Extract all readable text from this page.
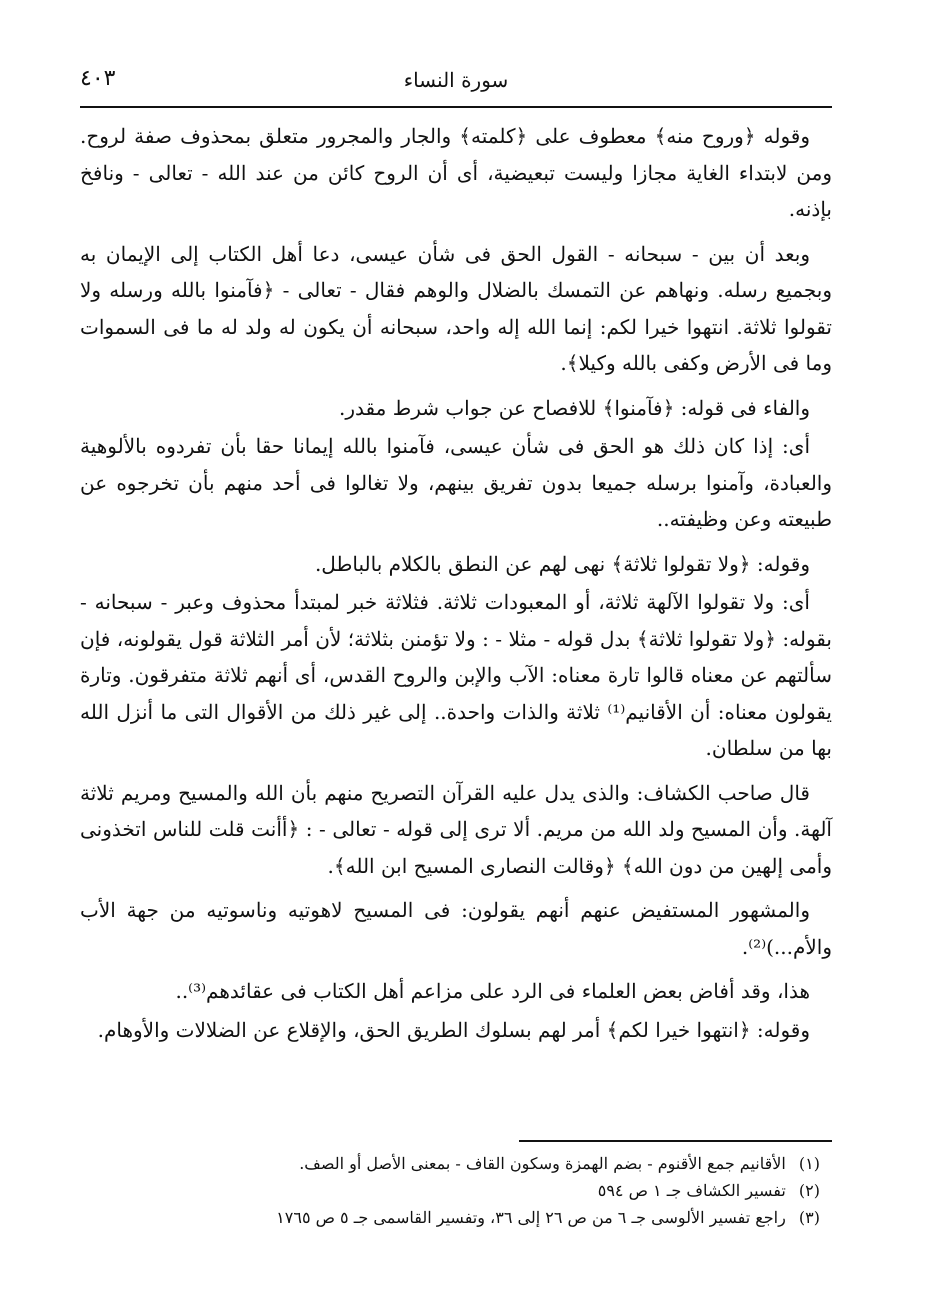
سورة النساء
٤٠٣

وقوله ﴿وروح منه﴾ معطوف على ﴿كلمته﴾ والجار والمجرور متعلق بمحذوف صفة لروح. ومن لابتداء الغاية مجازا وليست تبعيضية، أى أن الروح كائن من عند الله - تعالى - ونافخ بإذنه.

وبعد أن بين - سبحانه - القول الحق فى شأن عيسى، دعا أهل الكتاب إلى الإيمان به وبجميع رسله. ونهاهم عن التمسك بالضلال والوهم فقال - تعالى - ﴿فآمنوا بالله ورسله ولا تقولوا ثلاثة. انتهوا خيرا لكم: إنما الله إله واحد، سبحانه أن يكون له ولد له ما فى السموات وما فى الأرض وكفى بالله وكيلا﴾.

والفاء فى قوله: ﴿فآمنوا﴾ للافصاح عن جواب شرط مقدر.

أى: إذا كان ذلك هو الحق فى شأن عيسى، فآمنوا بالله إيمانا حقا بأن تفردوه بالألوهية والعبادة، وآمنوا برسله جميعا بدون تفريق بينهم، ولا تغالوا فى أحد منهم بأن تخرجوه عن طبيعته وعن وظيفته..

وقوله: ﴿ولا تقولوا ثلاثة﴾ نهى لهم عن النطق بالكلام بالباطل.

أى: ولا تقولوا الآلهة ثلاثة، أو المعبودات ثلاثة. فثلاثة خبر لمبتدأ محذوف وعبر - سبحانه - بقوله: ﴿ولا تقولوا ثلاثة﴾ بدل قوله - مثلا - : ولا تؤمنن بثلاثة؛ لأن أمر الثلاثة قول يقولونه، فإن سألتهم عن معناه قالوا تارة معناه: الآب والإبن والروح القدس، أى أنهم ثلاثة متفرقون. وتارة يقولون معناه: أن الأقانيم⁽¹⁾ ثلاثة والذات واحدة.. إلى غير ذلك من الأقوال التى ما أنزل الله بها من سلطان.

قال صاحب الكشاف: والذى يدل عليه القرآن التصريح منهم بأن الله والمسيح ومريم ثلاثة آلهة. وأن المسيح ولد الله من مريم. ألا ترى إلى قوله - تعالى - : ﴿أأنت قلت للناس اتخذونى وأمى إلهين من دون الله﴾ ﴿وقالت النصارى المسيح ابن الله﴾.

والمشهور المستفيض عنهم أنهم يقولون: فى المسيح لاهوتيه وناسوتيه من جهة الأب والأم...)⁽²⁾.

هذا، وقد أفاض بعض العلماء فى الرد على مزاعم أهل الكتاب فى عقائدهم⁽³⁾..

وقوله: ﴿انتهوا خيرا لكم﴾ أمر لهم بسلوك الطريق الحق، والإقلاع عن الضلالات والأوهام.

(١) الأقانيم جمع الأقنوم - بضم الهمزة وسكون القاف - بمعنى الأصل أو الصف.

(٢) تفسير الكشاف جـ ١ ص ٥٩٤

(٣) راجع تفسير الألوسى جـ ٦ من ص ٢٦ إلى ٣٦، وتفسير القاسمى جـ ٥ ص ١٧٦٥
